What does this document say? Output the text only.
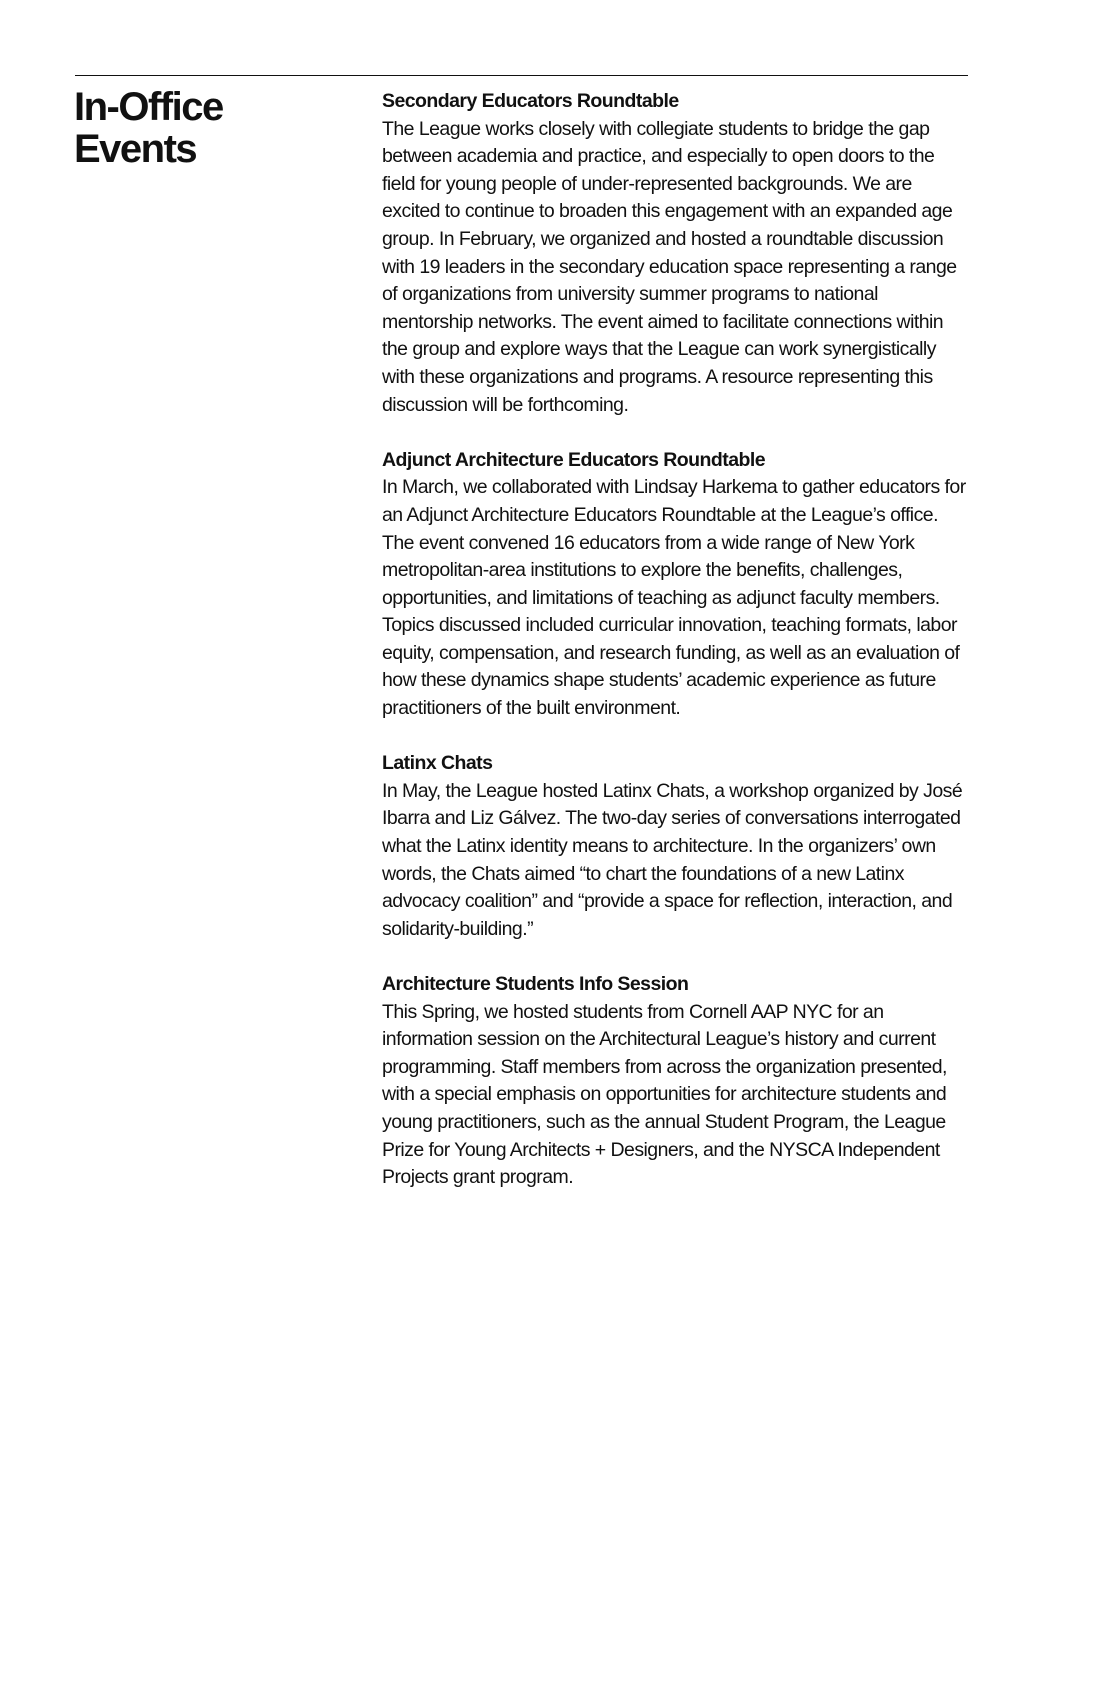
In-Office
Events
Secondary Educators Roundtable

The League works closely with collegiate students to bridge the gap between academia and practice, and especially to open doors to the field for young people of under-represented backgrounds. We are excited to continue to broaden this engagement with an expanded age group. In February, we organized and hosted a roundtable discussion with 19 leaders in the secondary education space representing a range of organizations from university summer programs to national mentorship networks. The event aimed to facilitate connections within the group and explore ways that the League can work synergistically with these organizations and programs. A resource representing this discussion will be forthcoming.

Adjunct Architecture Educators Roundtable

In March, we collaborated with Lindsay Harkema to gather educators for an Adjunct Architecture Educators Roundtable at the League’s office. The event convened 16 educators from a wide range of New York metropolitan-area institutions to explore the benefits, challenges, opportunities, and limitations of teaching as adjunct faculty members. Topics discussed included curricular innovation, teaching formats, labor equity, compensation, and research funding, as well as an evaluation of how these dynamics shape students’ academic experience as future practitioners of the built environment.

Latinx Chats

In May, the League hosted Latinx Chats, a workshop organized by José Ibarra and Liz Gálvez. The two-day series of conversations interrogated what the Latinx identity means to architecture. In the organizers’ own words, the Chats aimed “to chart the foundations of a new Latinx advocacy coalition” and “provide a space for reflection, interaction, and solidarity-building.”

Architecture Students Info Session

This Spring, we hosted students from Cornell AAP NYC for an information session on the Architectural League’s history and current programming. Staff members from across the organization presented, with a special emphasis on opportunities for architecture students and young practitioners, such as the annual Student Program, the League Prize for Young Architects + Designers, and the NYSCA Independent Projects grant program.
